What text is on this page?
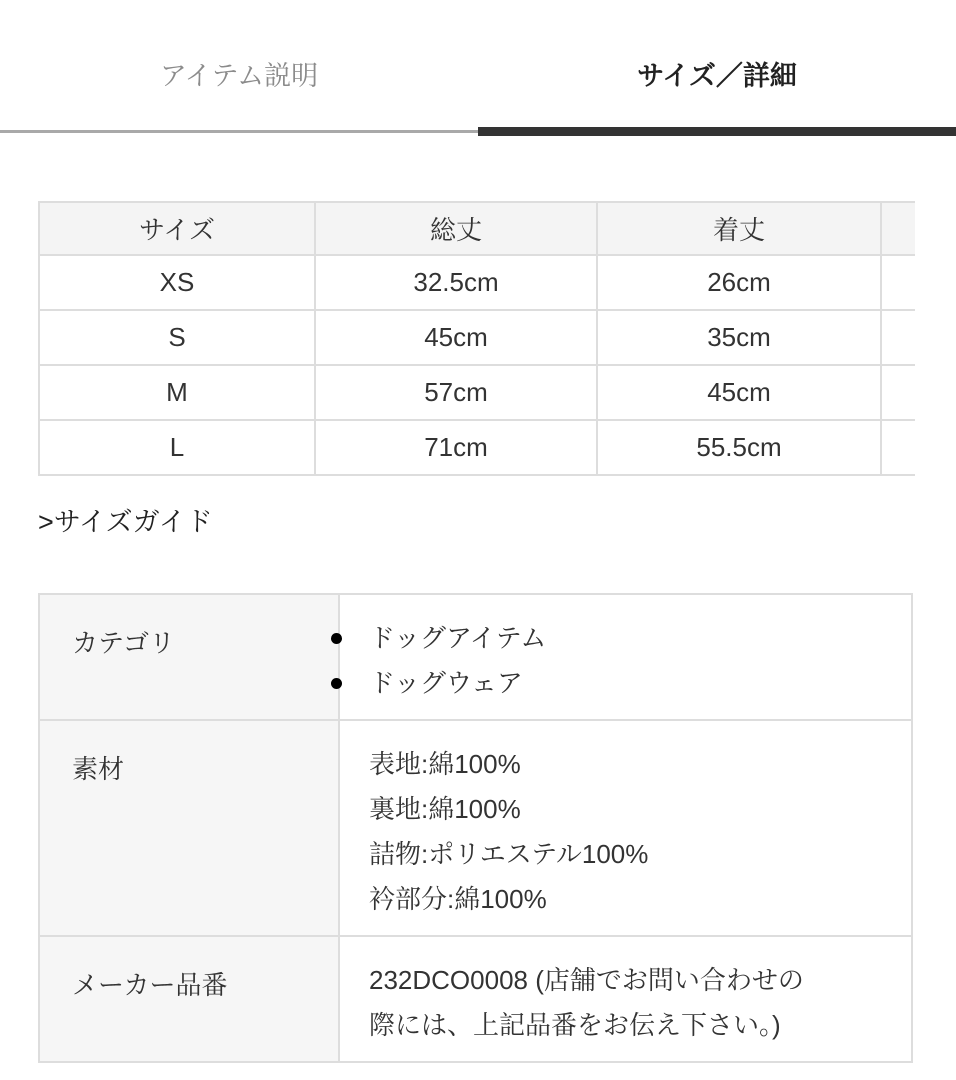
アイテム説明	サイズ／詳細
サイズ	総丈	着丈	
XS	32.5cm	26cm	
S	45cm	35cm	
M	57cm	45cm	
L	71cm	55.5cm	
>サイズガイド
カテゴリ	ドッグアイテム
ドッグウェア

素材	表地:綿100%
裏地:綿100%
詰物:ポリエステル100%
衿部分:綿100%

メーカー品番	232DCO0008 (店舗でお問い合わせの際には、上記品番をお伝え下さい。)
